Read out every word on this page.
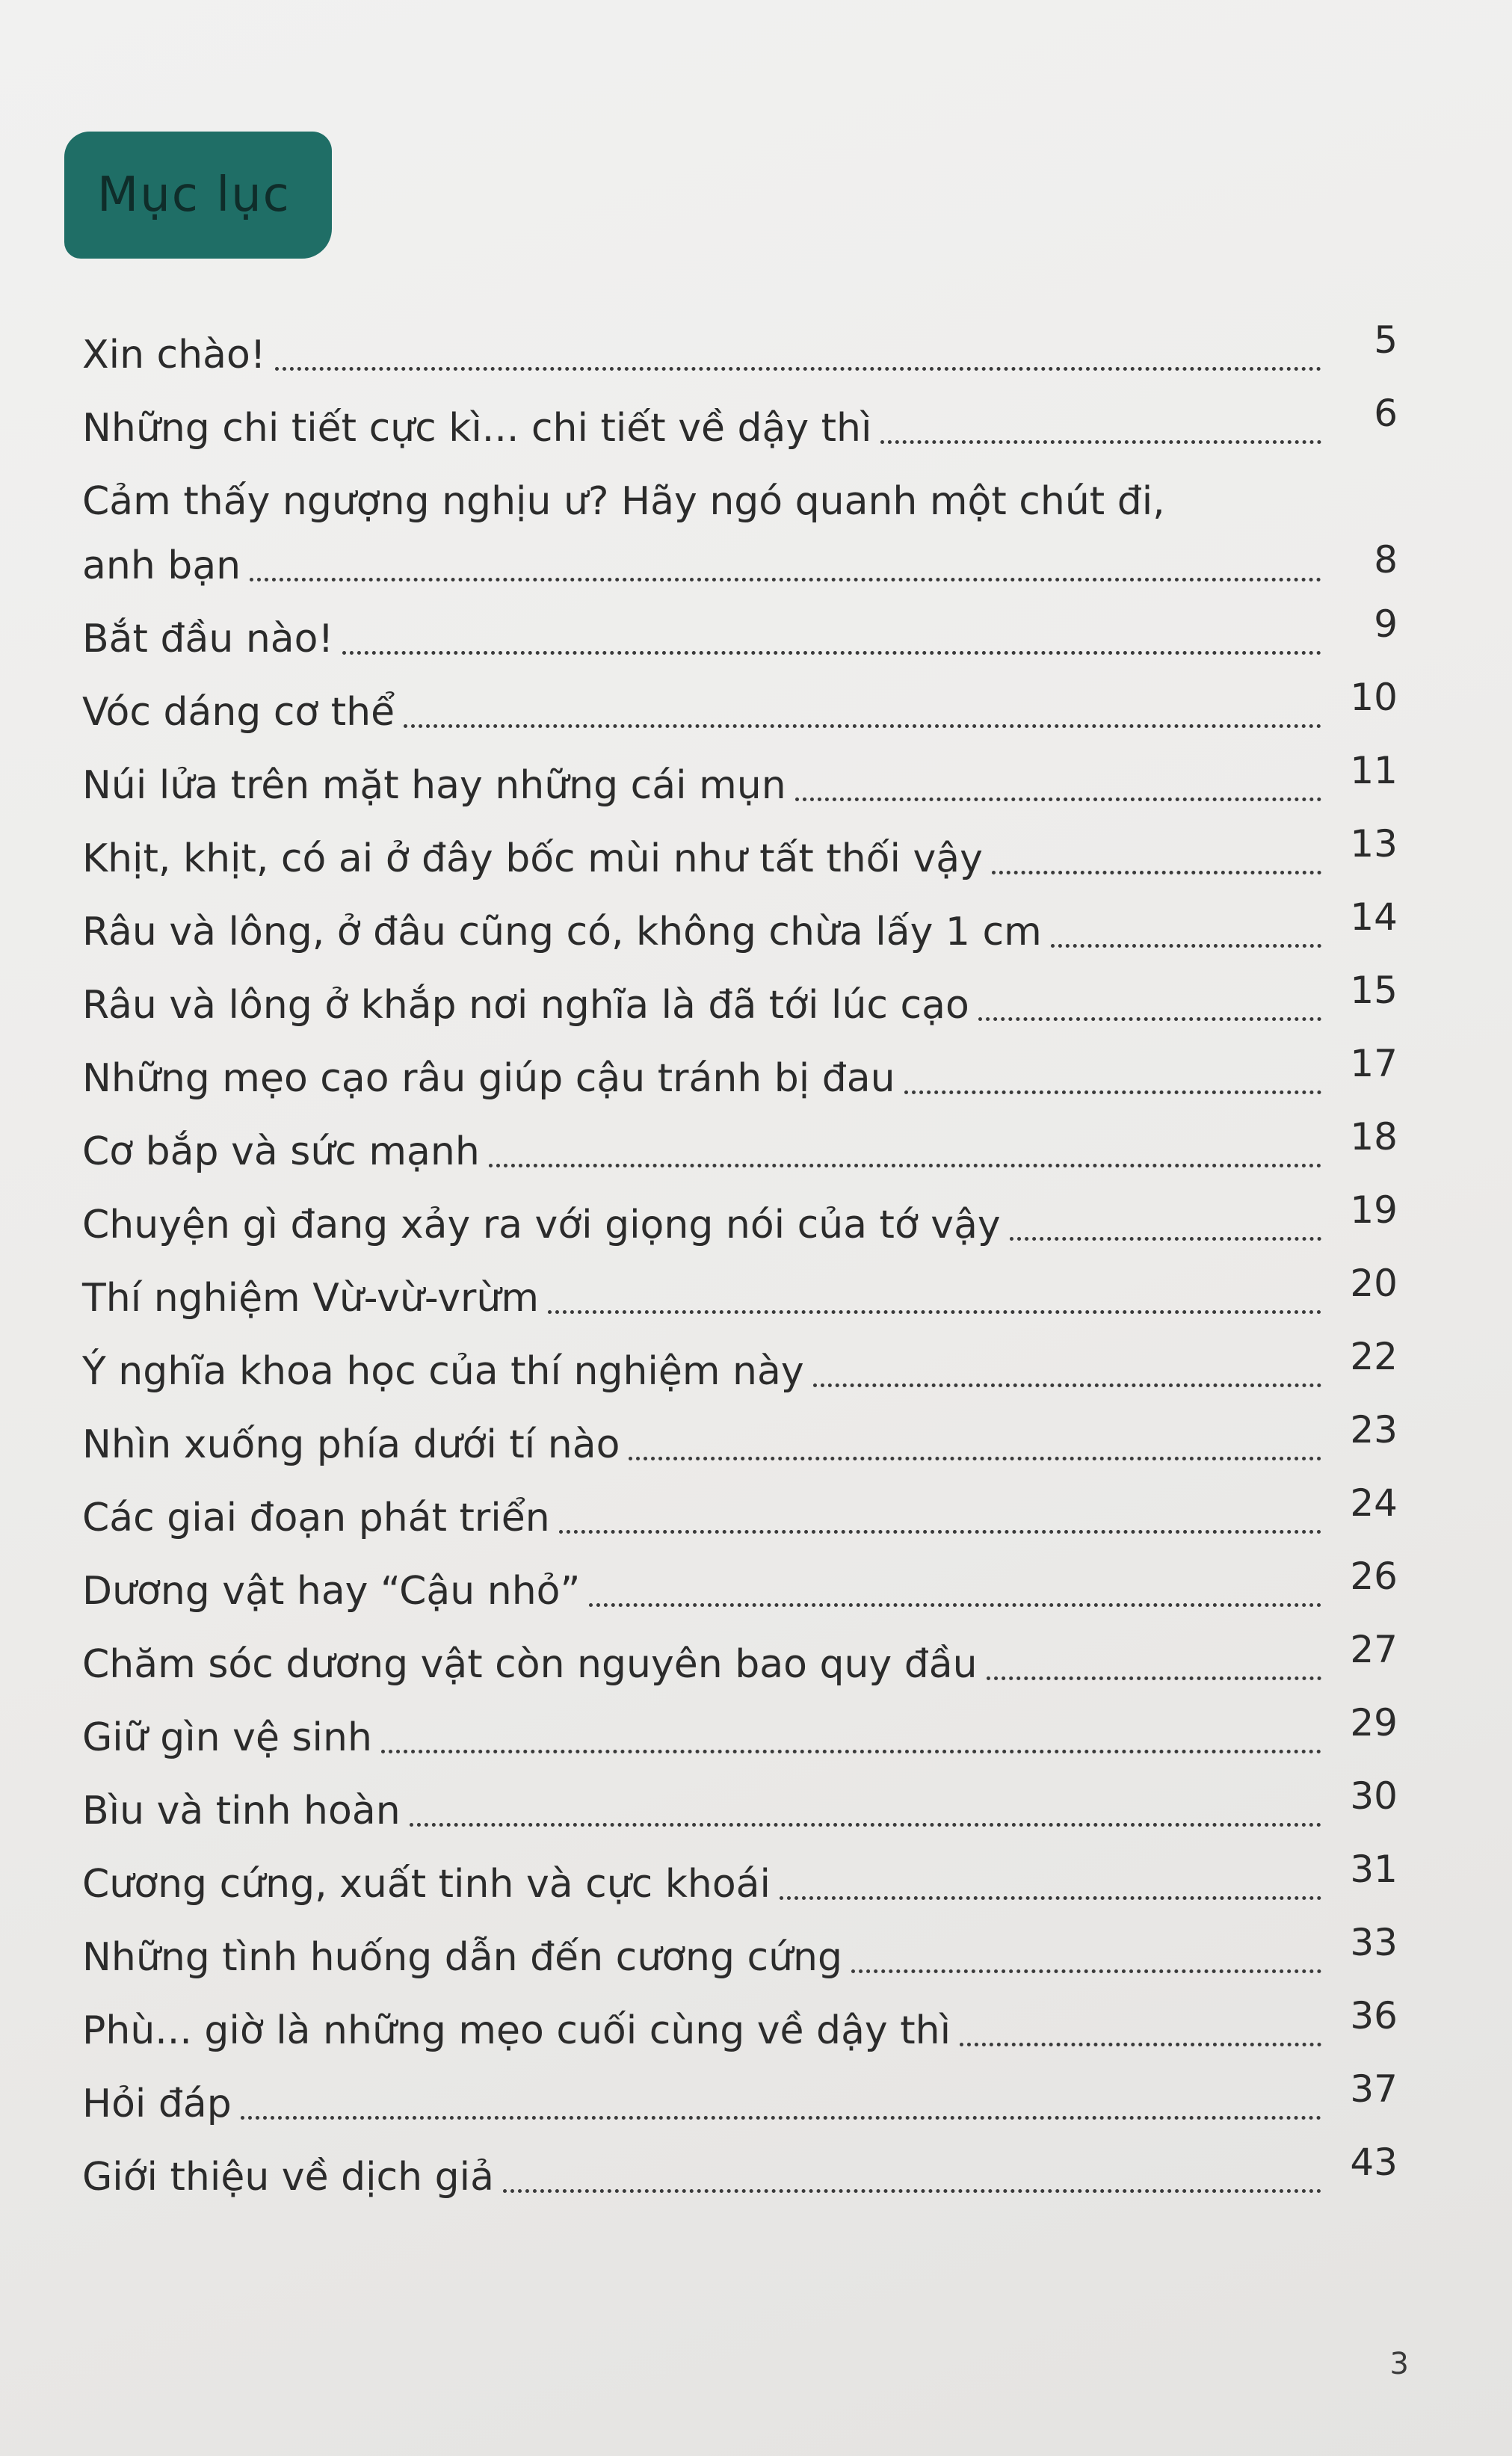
Mục lục
Xin chào!	5
Những chi tiết cực kì... chi tiết về dậy thì	6
Cảm thấy ngượng nghịu ư? Hãy ngó quanh một chút đi,
anh bạn	8
Bắt đầu nào!	9
Vóc dáng cơ thể	10
Núi lửa trên mặt hay những cái mụn	11
Khịt, khịt, có ai ở đây bốc mùi như tất thối vậy	13
Râu và lông, ở đâu cũng có, không chừa lấy 1 cm	14
Râu và lông ở khắp nơi nghĩa là đã tới lúc cạo	15
Những mẹo cạo râu giúp cậu tránh bị đau	17
Cơ bắp và sức mạnh	18
Chuyện gì đang xảy ra với giọng nói của tớ vậy	19
Thí nghiệm Vừ-vừ-vrừm	20
Ý nghĩa khoa học của thí nghiệm này	22
Nhìn xuống phía dưới tí nào	23
Các giai đoạn phát triển	24
Dương vật hay “Cậu nhỏ”	26
Chăm sóc dương vật còn nguyên bao quy đầu	27
Giữ gìn vệ sinh	29
Bìu và tinh hoàn	30
Cương cứng, xuất tinh và cực khoái	31
Những tình huống dẫn đến cương cứng	33
Phù... giờ là những mẹo cuối cùng về dậy thì	36
Hỏi đáp	37
Giới thiệu về dịch giả	43
3
